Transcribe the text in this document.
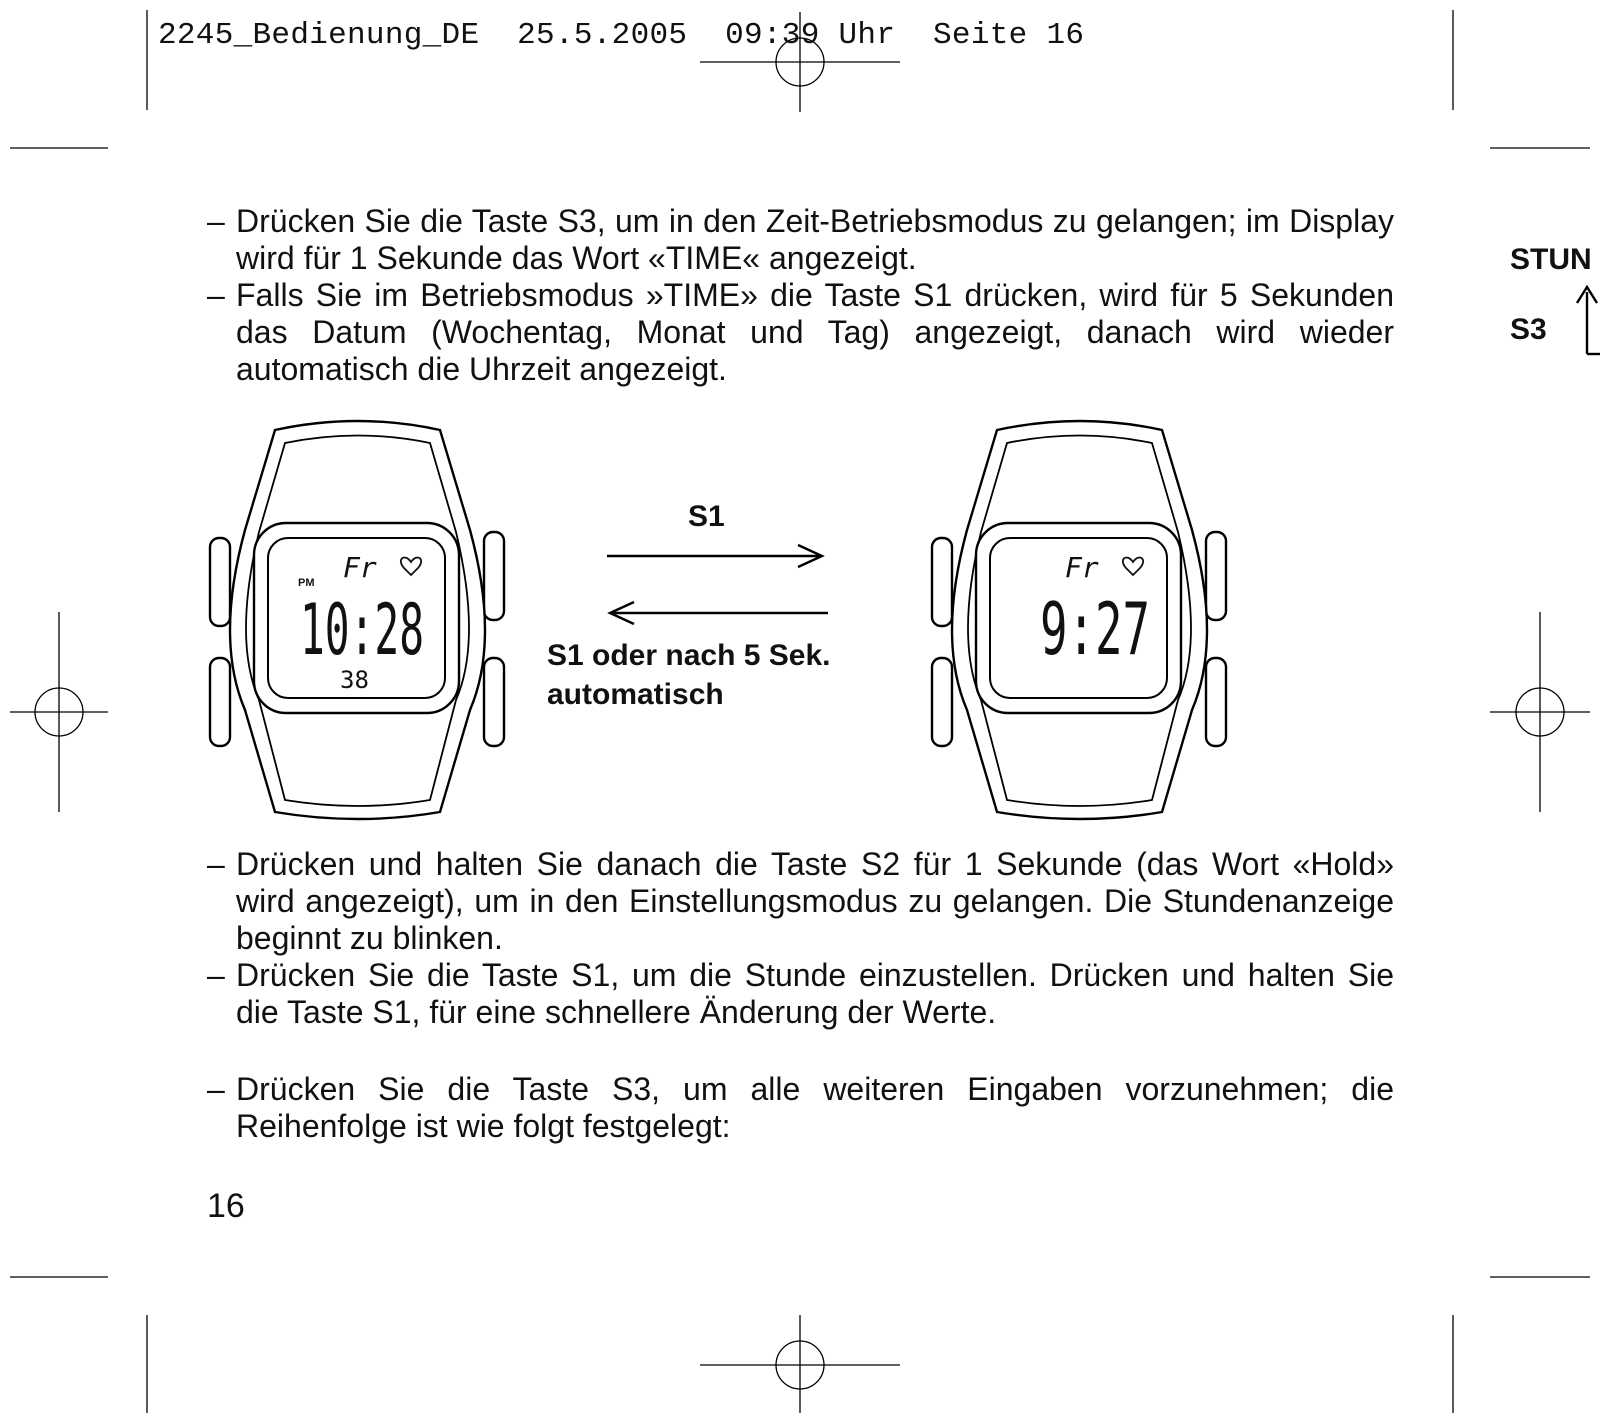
2245_Bedienung_DE  25.5.2005  09:39 Uhr  Seite 16
– Drücken Sie die Taste S3, um in den Zeit-Betriebsmodus zu gelangen; im Display wird für 1 Sekunde das Wort «TIME« angezeigt.

– Falls Sie im Betriebsmodus »TIME» die Taste S1 drücken, wird für 5 Sekunden das Datum (Wochentag, Monat und Tag) angezeigt, danach wird wieder automatisch die Uhrzeit angezeigt.

PM Fr
10:28
38
Fr
9:27
S1
S1 oder nach 5 Sek.
automatisch
STUN
S3
– Drücken und halten Sie danach die Taste S2 für 1 Sekunde (das Wort «Hold» wird angezeigt), um in den Einstellungsmodus zu gelangen. Die Stundenanzeige beginnt zu blinken.

– Drücken Sie die Taste S1, um die Stunde einzustellen. Drücken und halten Sie die Taste S1, für eine schnellere Änderung der Werte.

– Drücken Sie die Taste S3, um alle weiteren Eingaben vorzunehmen; die Reihenfolge ist wie folgt festgelegt:

16
